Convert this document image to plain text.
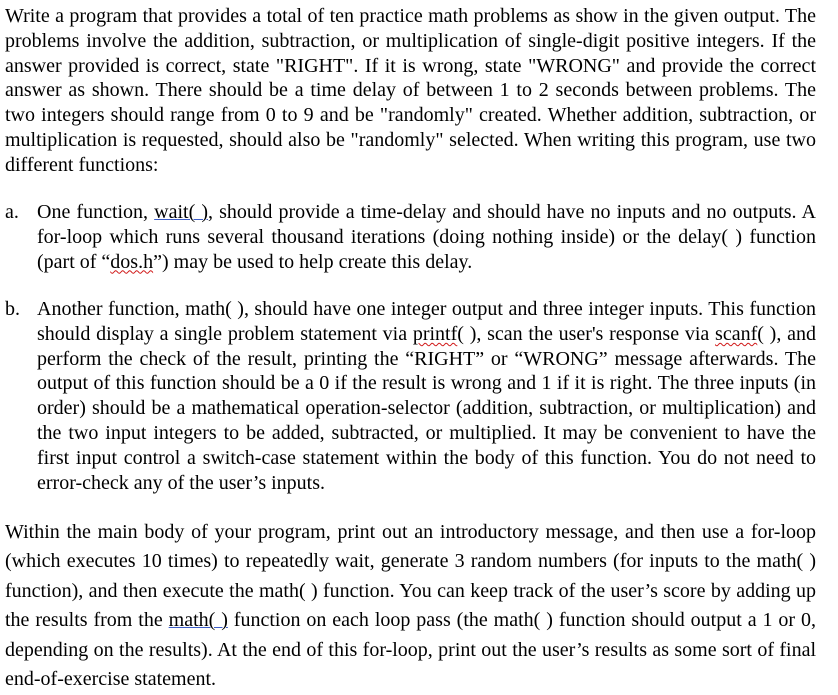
Write a program that provides a total of ten practice math problems as show in the given output. The problems involve the addition, subtraction, or multiplication of single-digit positive integers. If the answer provided is correct, state "RIGHT". If it is wrong, state "WRONG" and provide the correct answer as shown. There should be a time delay of between 1 to 2 seconds between problems. The two integers should range from 0 to 9 and be "randomly" created. Whether addition, subtraction, or multiplication is requested, should also be "randomly" selected. When writing this program, use two different functions:

a. One function, wait( ), should provide a time-delay and should have no inputs and no outputs. A for-loop which runs several thousand iterations (doing nothing inside) or the delay( ) function (part of “dos.h”) may be used to help create this delay.

b. Another function, math( ), should have one integer output and three integer inputs. This function should display a single problem statement via printf( ), scan the user's response via scanf( ), and perform the check of the result, printing the “RIGHT” or “WRONG” message afterwards. The output of this function should be a 0 if the result is wrong and 1 if it is right. The three inputs (in order) should be a mathematical operation-selector (addition, subtraction, or multiplication) and the two input integers to be added, subtracted, or multiplied. It may be convenient to have the first input control a switch-case statement within the body of this function. You do not need to error-check any of the user’s inputs.

Within the main body of your program, print out an introductory message, and then use a for-loop (which executes 10 times) to repeatedly wait, generate 3 random numbers (for inputs to the math( ) function), and then execute the math( ) function. You can keep track of the user’s score by adding up the results from the math( ) function on each loop pass (the math( ) function should output a 1 or 0, depending on the results). At the end of this for-loop, print out the user’s results as some sort of final end-of-exercise statement.
